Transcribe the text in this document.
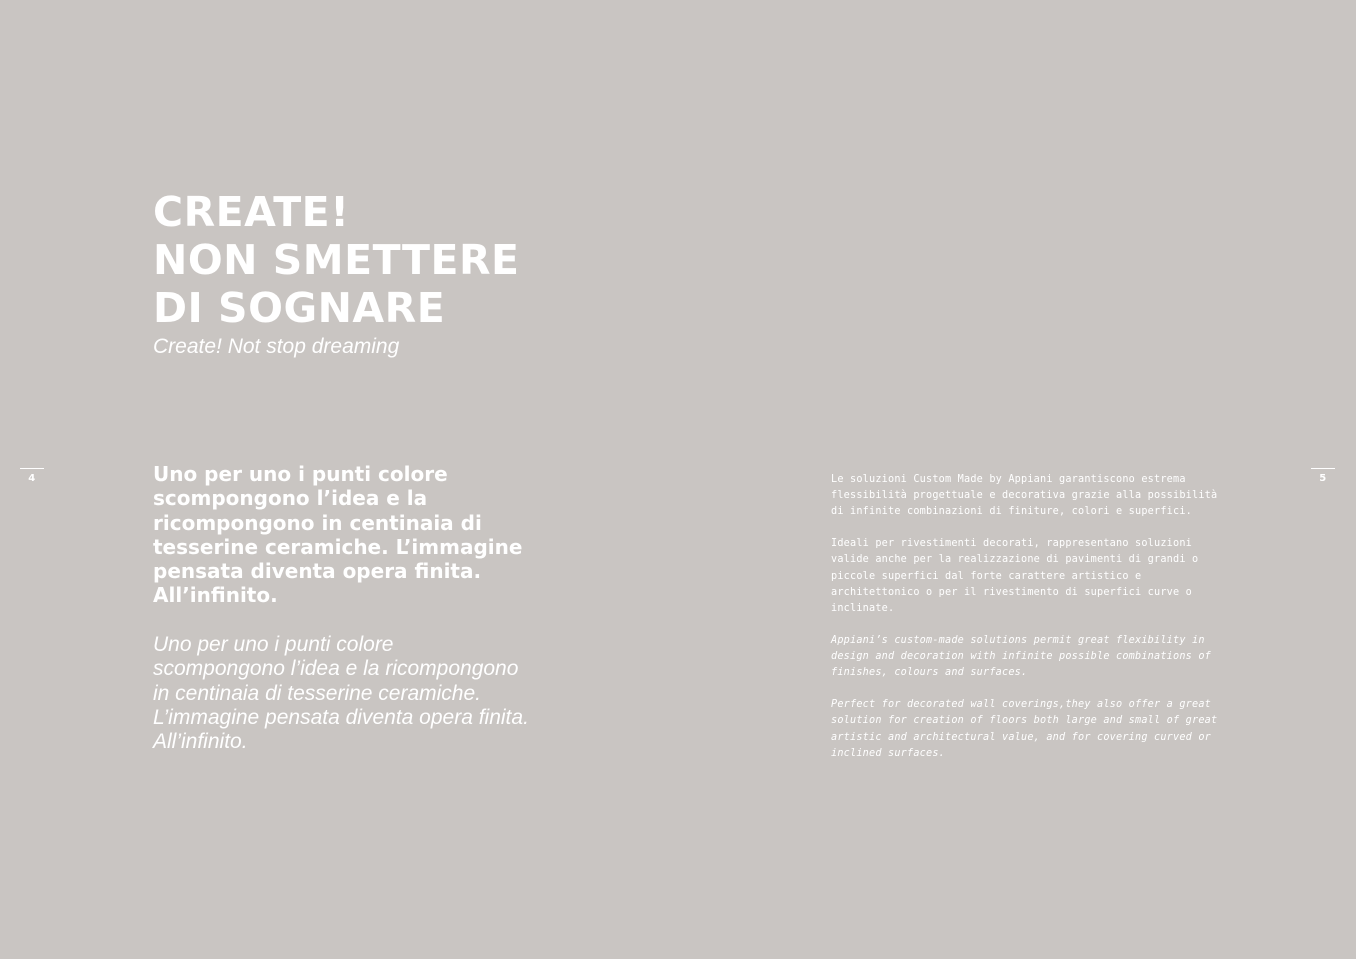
4	5
CREATE!
NON SMETTERE
DI SOGNARE
Create! Not stop dreaming
Uno per uno i punti colore scompongono l’idea e la ricompongono in centinaia di tesserine ceramiche. L’immagine pensata diventa opera finita. All’infinito.
Uno per uno i punti colore scompongono l’idea e la ricompongono in centinaia di tesserine ceramiche. L’immagine pensata diventa opera finita. All’infinito.

Le soluzioni Custom Made by Appiani garantiscono estrema flessibilità progettuale e decorativa grazie alla possibilità di infinite combinazioni di finiture, colori e superfici.

Ideali per rivestimenti decorati, rappresentano soluzioni valide anche per la realizzazione di pavimenti di grandi o piccole superfici dal forte carattere artistico e architettonico o per il rivestimento di superfici curve o inclinate.

Appiani’s custom-made solutions permit great flexibility in design and decoration with infinite possible combinations of finishes, colours and surfaces.

Perfect for decorated wall coverings,they also offer a great solution for creation of floors both large and small of great artistic and architectural value, and for covering curved or inclined surfaces.
